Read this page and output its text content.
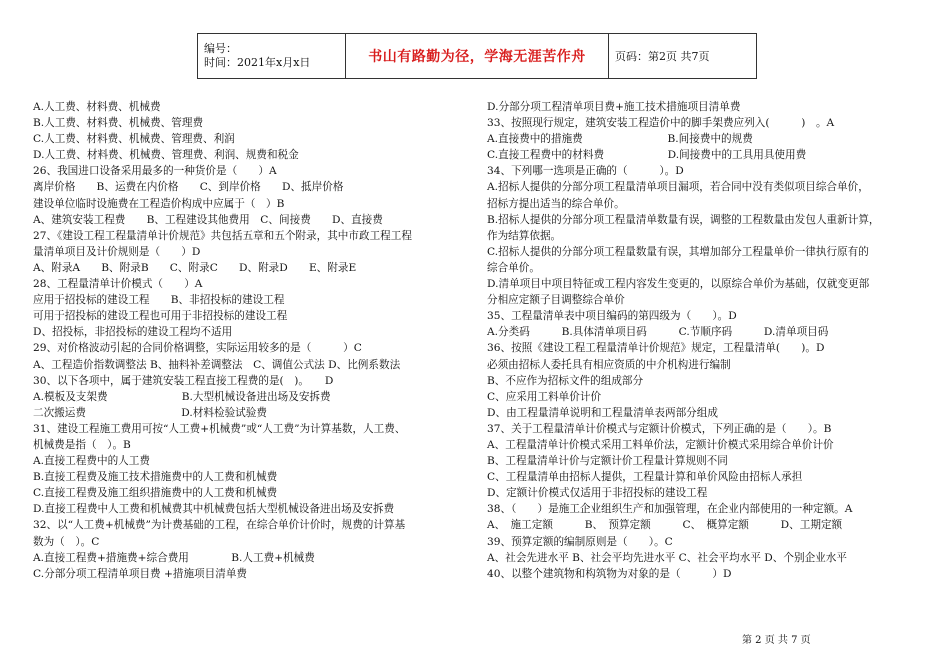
编号：
时间：2021年x月x日	书山有路勤为径，学海无涯苦作舟	页码：第2页 共7页
A.人工费、材料费、机械费
B.人工费、材料费、机械费、管理费
C.人工费、材料费、机械费、管理费、利润
D.人工费、材料费、机械费、管理费、利润、规费和税金
26、我国进口设备采用最多的一种货价是（　　）A
离岸价格　　B、运费在内价格　　C、到岸价格　　D、抵岸价格
建设单位临时设施费在工程造价构成中应属于（　）B
A、建筑安装工程费　　B、工程建设其他费用　C、间接费　　D、直接费
27、《建设工程工程量清单计价规范》共包括五章和五个附录，其中市政工程工程
量清单项目及计价规则是（　　）D
A、附录A　　B、附录B　　C、附录C　　D、附录D　　E、附录E
28、工程量清单计价模式（　　）A
应用于招投标的建设工程　　B、非招投标的建设工程
可用于招投标的建设工程也可用于非招投标的建设工程
D、招投标，非招投标的建设工程均不适用
29、对价格波动引起的合同价格调整，实际运用较多的是（　　　）C
A、工程造价指数调整法 B、抽料补差调整法　C、调值公式法 D、比例系数法
30、以下各项中，属于建筑安装工程直接工程费的是(　)。　　D
A.模板及支架费　　　　　　　B.大型机械设备进出场及安拆费
二次搬运费　　　　　　　　　D.材料检验试验费
31、建设工程施工费用可按“人工费+机械费”或“人工费”为计算基数，人工费、
机械费是指（　）。B
A.直接工程费中的人工费
B.直接工程费及施工技术措施费中的人工费和机械费
C.直接工程费及施工组织措施费中的人工费和机械费
D.直接工程费中人工费和机械费其中机械费包括大型机械设备进出场及安拆费
32、以“人工费+机械费”为计费基础的工程，在综合单价计价时，规费的计算基
数为（　）。C
A.直接工程费+措施费+综合费用　　　　B.人工费+机械费
C.分部分项工程清单项目费 +措施项目清单费
D.分部分项工程清单项目费+施工技术措施项目清单费
33、按照现行规定，建筑安装工程造价中的脚手架费应列入(　　　)　。A
A.直接费中的措施费　　　　　　　　B.间接费中的规费
C.直接工程费中的材料费　　　　　　D.间接费中的工具用具使用费
34、下列哪一选项是正确的（　　　）。D
A.招标人提供的分部分项工程量清单项目漏项，若合同中没有类似项目综合单价，
招标方提出适当的综合单价。
B.招标人提供的分部分项工程量清单数量有误，调整的工程数量由发包人重新计算，
作为结算依据。
C.招标人提供的分部分项工程量数量有误，其增加部分工程量单价一律执行原有的
综合单价。
D.清单项目中项目特征或工程内容发生变更的，以原综合单价为基础，仅就变更部
分相应定额子目调整综合单价
35、工程量清单表中项目编码的第四级为（　　）。D
A.分类码　　　B.具体清单项目码　　　C.节顺序码　　　D.清单项目码
36、按照《建设工程工程量清单计价规范》规定，工程量清单(　　)。D
必须由招标人委托具有相应资质的中介机构进行编制
B、不应作为招标文件的组成部分
C、应采用工料单价计价
D、由工程量清单说明和工程量清单表两部分组成
37、关于工程量清单计价模式与定额计价模式，下列正确的是（　　）。B
A、工程量清单计价模式采用工料单价法，定额计价模式采用综合单价计价
B、工程量清单计价与定额计价工程量计算规则不同
C、工程量清单由招标人提供，工程量计算和单价风险由招标人承担
D、定额计价模式仅适用于非招投标的建设工程
38、（　　）是施工企业组织生产和加强管理，在企业内部使用的一种定额。A
A、　施工定额　　　B、　预算定额　　　C、　概算定额　　　D、工期定额
39、预算定额的编制原则是（　　）。C
A、社会先进水平 B、社会平均先进水平 C、社会平均水平 D、个别企业水平
40、以整个建筑物和构筑物为对象的是（　　　）D
第 2 页 共 7 页
